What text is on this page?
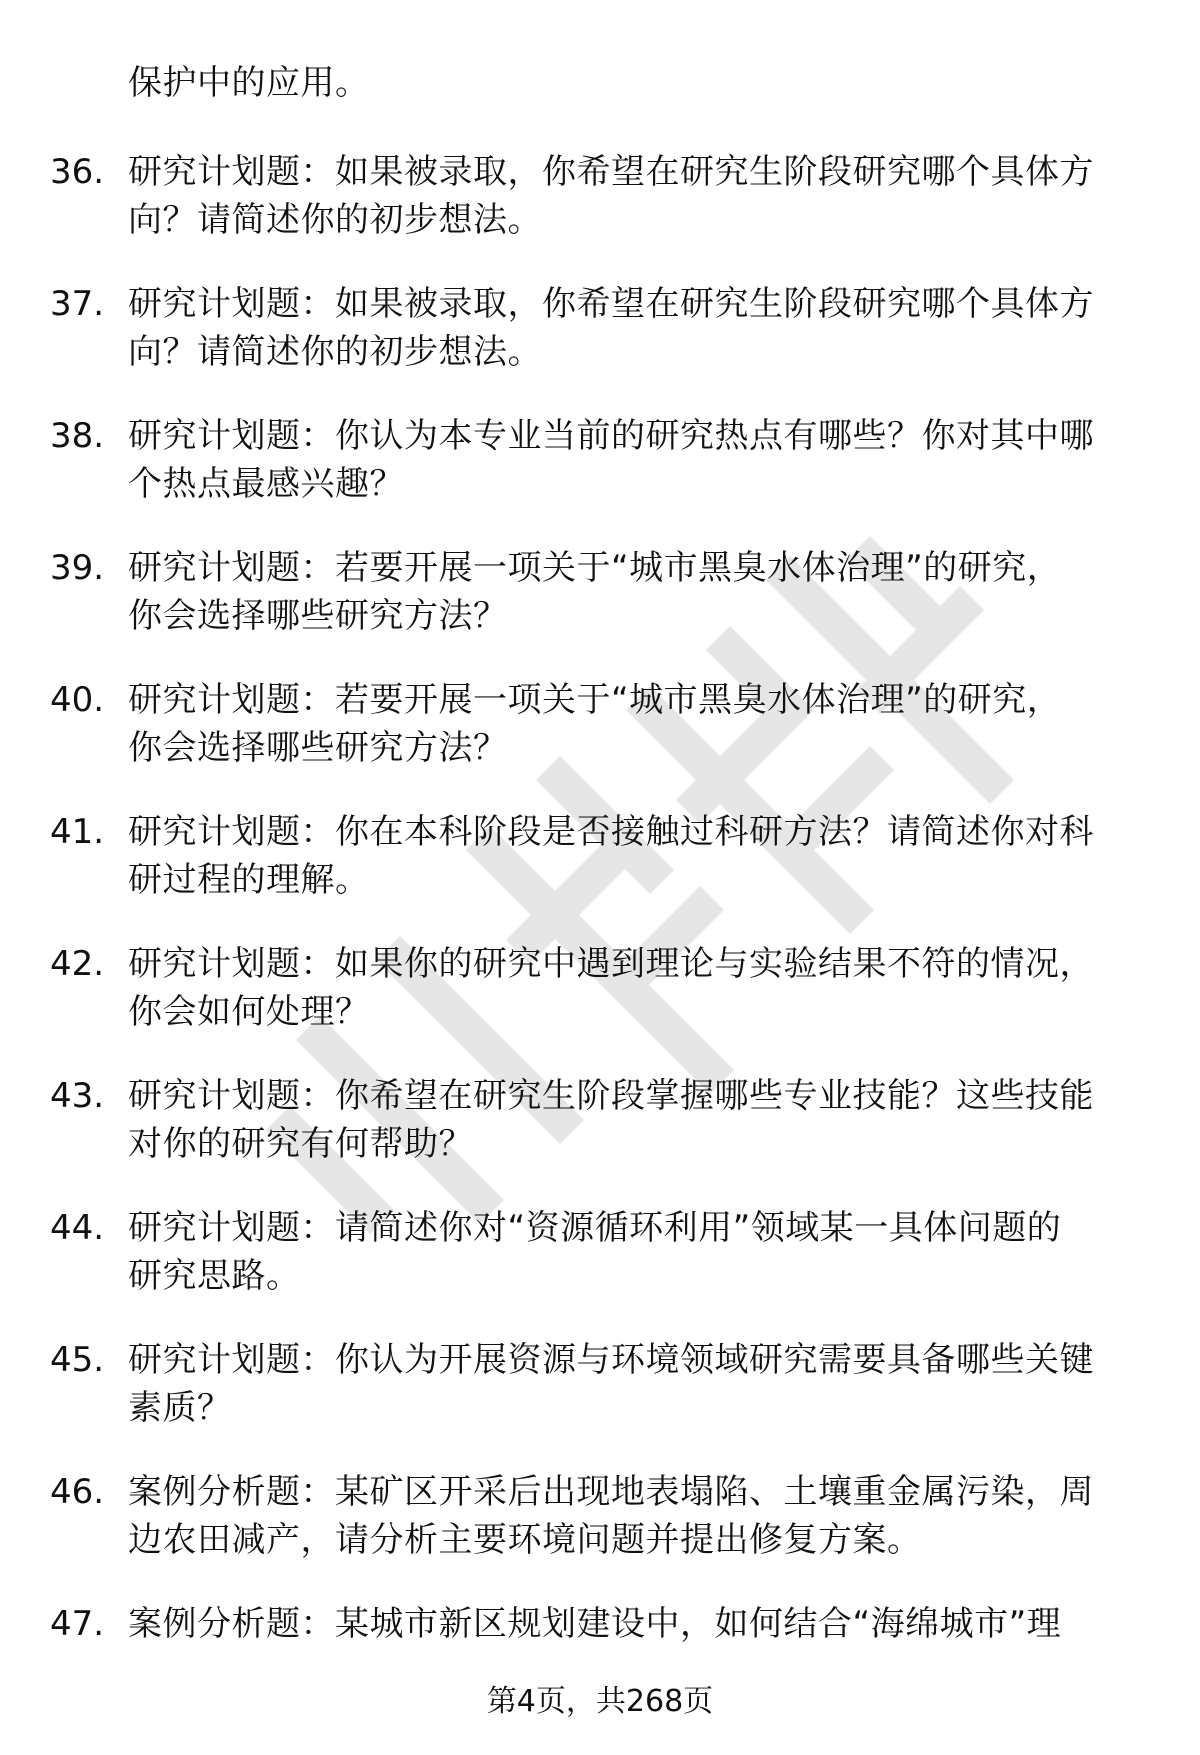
保护中的应用。

36. 研究计划题：如果被录取，你希望在研究生阶段研究哪个具体方
向？请简述你的初步想法。
37. 研究计划题：如果被录取，你希望在研究生阶段研究哪个具体方
向？请简述你的初步想法。
38. 研究计划题：你认为本专业当前的研究热点有哪些？你对其中哪
个热点最感兴趣？
39. 研究计划题：若要开展一项关于“城市黑臭水体治理”的研究，
你会选择哪些研究方法？
40. 研究计划题：若要开展一项关于“城市黑臭水体治理”的研究，
你会选择哪些研究方法？
41. 研究计划题：你在本科阶段是否接触过科研方法？请简述你对科
研过程的理解。
42. 研究计划题：如果你的研究中遇到理论与实验结果不符的情况，
你会如何处理？
43. 研究计划题：你希望在研究生阶段掌握哪些专业技能？这些技能
对你的研究有何帮助？
44. 研究计划题：请简述你对“资源循环利用”领域某一具体问题的
研究思路。
45. 研究计划题：你认为开展资源与环境领域研究需要具备哪些关键
素质？
46. 案例分析题：某矿区开采后出现地表塌陷、土壤重金属污染，周
边农田减产，请分析主要环境问题并提出修复方案。
47. 案例分析题：某城市新区规划建设中，如何结合“海绵城市”理
第4页，共268页
